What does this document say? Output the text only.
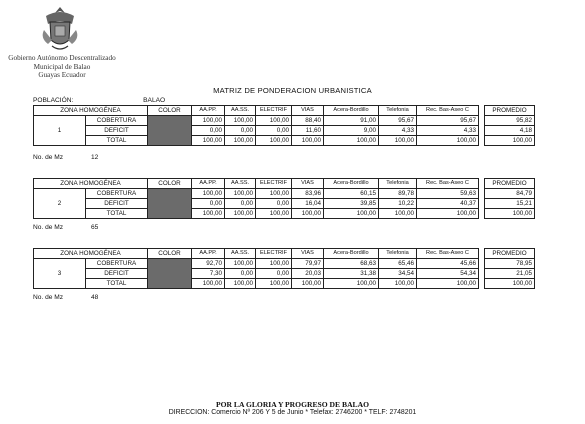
Gobierno Autónomo Descentralizado
Municipal de Balao
Guayas Ecuador
MATRIZ DE PONDERACION URBANISTICA
POBLACIÓN:	BALAO
ZONA HOMOGÉNEA		COLOR	AA.PP.	AA.SS.	ELECTRIF	VIAS	Acera-Bordillo	Telefonia	Rec. Bas-Aseo C		PROMEDIO
1	COBERTURA		100,00	100,00	100,00	88,40	91,00	95,67	95,67		95,82
	DEFICIT		0,00	0,00	0,00	11,60	9,00	4,33	4,33		4,18
	TOTAL		100,00	100,00	100,00	100,00	100,00	100,00	100,00		100,00
No. de Mz	12
ZONA HOMOGÉNEA		COLOR	AA.PP.	AA.SS.	ELECTRIF	VIAS	Acera-Bordillo	Telefonia	Rec. Bas-Aseo C		PROMEDIO
2	COBERTURA		100,00	100,00	100,00	83,96	60,15	89,78	59,63		84,79
	DEFICIT		0,00	0,00	0,00	16,04	39,85	10,22	40,37		15,21
	TOTAL		100,00	100,00	100,00	100,00	100,00	100,00	100,00		100,00
No. de Mz	65
ZONA HOMOGÉNEA		COLOR	AA.PP.	AA.SS.	ELECTRIF	VIAS	Acera-Bordillo	Telefonia	Rec. Bas-Aseo C		PROMEDIO
3	COBERTURA		92,70	100,00	100,00	79,97	68,63	65,46	45,66		78,95
	DEFICIT		7,30	0,00	0,00	20,03	31,38	34,54	54,34		21,05
	TOTAL		100,00	100,00	100,00	100,00	100,00	100,00	100,00		100,00
No. de Mz	48
POR LA GLORIA Y PROGRESO DE BALAO
DIRECCION: Comercio Nº 206 Y 5 de Junio * Telefax: 2746200 * TELF: 2748201
